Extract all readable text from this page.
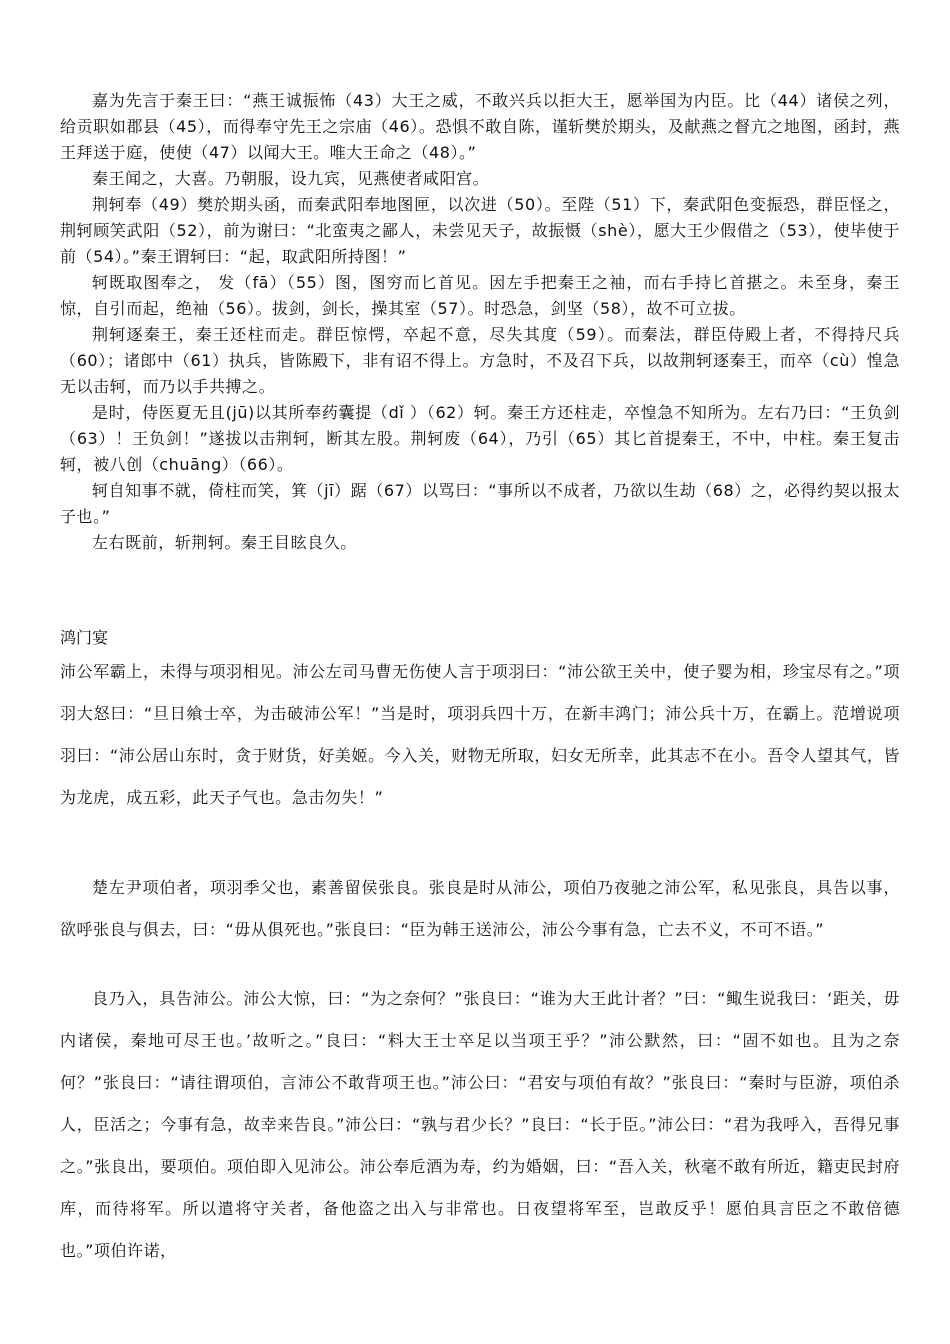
嘉为先言于秦王曰：“燕王诚振怖（43）大王之威，不敢兴兵以拒大王，愿举国为内臣。比（44）诸侯之列，给贡职如郡县（45），而得奉守先王之宗庙（46）。恐惧不敢自陈，谨斩樊於期头，及献燕之督亢之地图，函封，燕王拜送于庭，使使（47）以闻大王。唯大王命之（48）。”

秦王闻之，大喜。乃朝服，设九宾，见燕使者咸阳宫。

荆轲奉（49）樊於期头函，而秦武阳奉地图匣，以次进（50）。至陛（51）下，秦武阳色变振恐，群臣怪之，荆轲顾笑武阳（52），前为谢曰：“北蛮夷之鄙人，未尝见天子，故振慑（shè），愿大王少假借之（53），使毕使于前（54）。”秦王谓轲曰：“起，取武阳所持图！”

轲既取图奉之， 发（fā）（55）图，图穷而匕首见。因左手把秦王之袖，而右手持匕首揕之。未至身，秦王惊，自引而起，绝袖（56）。拔剑，剑长，操其室（57）。时恐急，剑坚（58），故不可立拔。

荆轲逐秦王，秦王还柱而走。群臣惊愕，卒起不意，尽失其度（59）。而秦法，群臣侍殿上者，不得持尺兵（60）；诸郎中（61）执兵，皆陈殿下，非有诏不得上。方急时，不及召下兵，以故荆轲逐秦王，而卒（cù）惶急无以击轲，而乃以手共搏之。

是时，侍医夏无且(jū)以其所奉药囊提（dǐ ）（62）轲。秦王方还柱走，卒惶急不知所为。左右乃曰：“王负剑（63）！王负剑！”遂拔以击荆轲，断其左股。荆轲废（64），乃引（65）其匕首提秦王，不中，中柱。秦王复击轲，被八创（chuāng）（66）。

轲自知事不就，倚柱而笑，箕（jī）踞（67）以骂曰：“事所以不成者，乃欲以生劫（68）之，必得约契以报太子也。”

左右既前，斩荆轲。秦王目眩良久。

鸿门宴

沛公军霸上，未得与项羽相见。沛公左司马曹无伤使人言于项羽曰：“沛公欲王关中，使子婴为相，珍宝尽有之。”项羽大怒曰：“旦日飨士卒，为击破沛公军！”当是时，项羽兵四十万，在新丰鸿门；沛公兵十万，在霸上。范增说项羽曰：“沛公居山东时，贪于财货，好美姬。今入关，财物无所取，妇女无所幸，此其志不在小。吾令人望其气，皆为龙虎，成五彩，此天子气也。急击勿失！”

楚左尹项伯者，项羽季父也，素善留侯张良。张良是时从沛公，项伯乃夜驰之沛公军，私见张良，具告以事，欲呼张良与俱去，曰：“毋从俱死也。”张良曰：“臣为韩王送沛公，沛公今事有急，亡去不义，不可不语。”

良乃入，具告沛公。沛公大惊，曰：“为之奈何？”张良曰：“谁为大王此计者？”曰：“鲰生说我曰：‘距关，毋内诸侯，秦地可尽王也。’故听之。”良曰：“料大王士卒足以当项王乎？”沛公默然，曰：“固不如也。且为之奈何？”张良曰：“请往谓项伯，言沛公不敢背项王也。”沛公曰：“君安与项伯有故？”张良曰：“秦时与臣游，项伯杀人，臣活之；今事有急，故幸来告良。”沛公曰：“孰与君少长？”良曰：“长于臣。”沛公曰：“君为我呼入，吾得兄事之。”张良出，要项伯。项伯即入见沛公。沛公奉卮酒为寿，约为婚姻，曰：“吾入关，秋毫不敢有所近，籍吏民封府库，而待将军。所以遣将守关者，备他盗之出入与非常也。日夜望将军至，岂敢反乎！愿伯具言臣之不敢倍德也。”项伯许诺，
